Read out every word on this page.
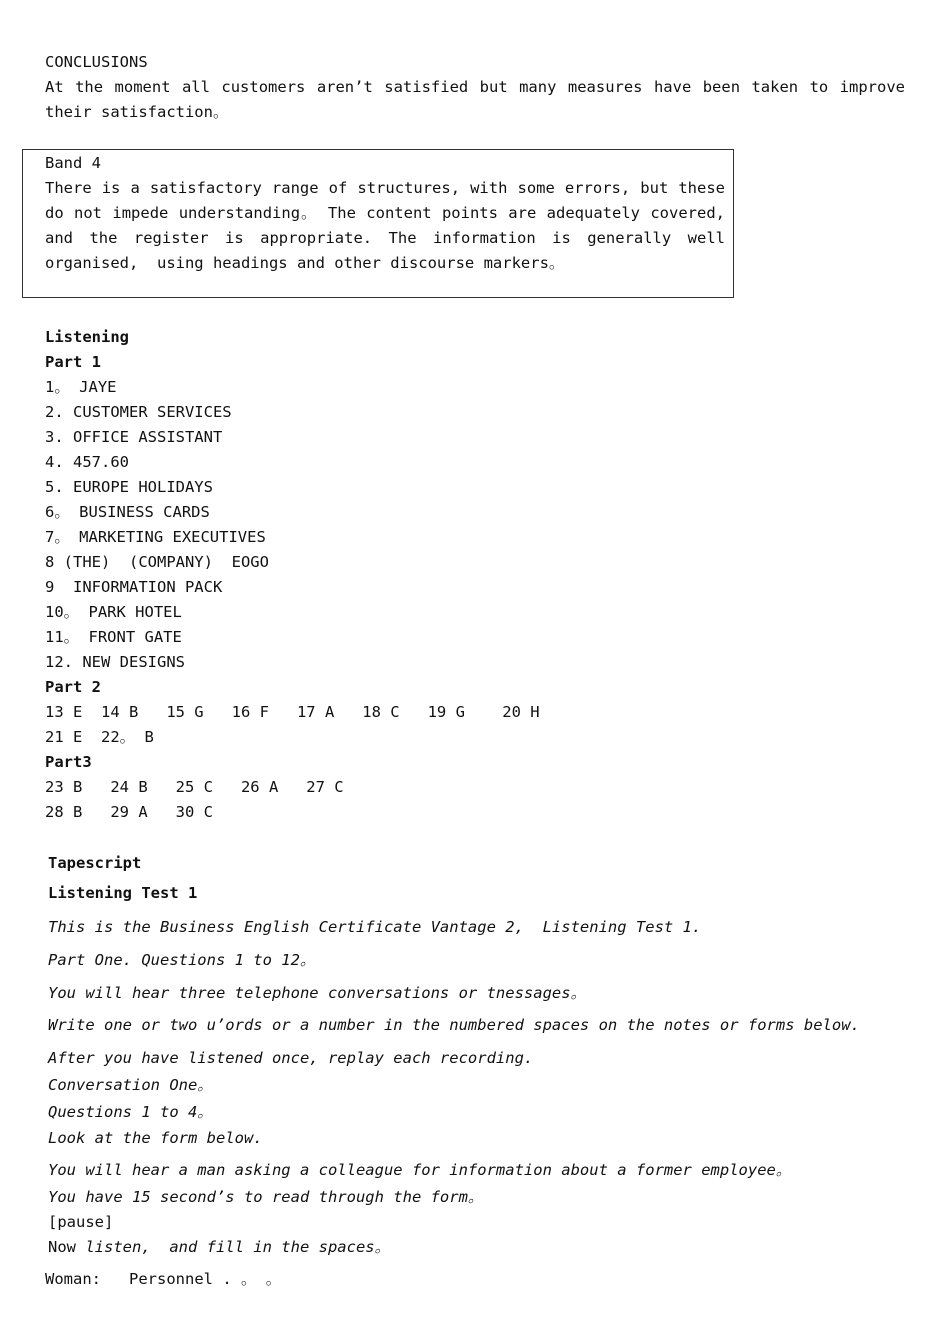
CONCLUSIONS
At the moment all customers aren’t satisfied but many measures have been taken to improve
their satisfaction。
Band 4
There is a satisfactory range of structures, with some errors, but these
do not impede understanding。 The content points are adequately covered,
and the register is appropriate. The information is generally well
organised,  using headings and other discourse markers。
Listening
Part 1
1。 JAYE
2. CUSTOMER SERVICES
3. OFFICE ASSISTANT
4. 457.60
5. EUROPE HOLIDAYS
6。 BUSINESS CARDS
7。 MARKETING EXECUTIVES
8 (THE)  (COMPANY)  EOGO
9  INFORMATION PACK
10。 PARK HOTEL
11。 FRONT GATE
12. NEW DESIGNS
Part 2
13 E  14 B   15 G   16 F   17 A   18 C   19 G    20 H
21 E  22。 B
Part3
23 B   24 B   25 C   26 A   27 C
28 B   29 A   30 C
Tapescript
Listening Test 1
This is the Business English Certificate Vantage 2,  Listening Test 1.
Part One. Questions 1 to 12。
You will hear three telephone conversations or tnessages。
Write one or two u’ords or a number in the numbered spaces on the notes or forms below.
After you have listened once, replay each recording.
Conversation One。
Questions 1 to 4。
Look at the form below.
You will hear a man asking a colleague for information about a former employee。
You have 15 second’s to read through the form。
[pause]
Now listen,  and fill in the spaces。
Woman:   Personnel . 。 。
